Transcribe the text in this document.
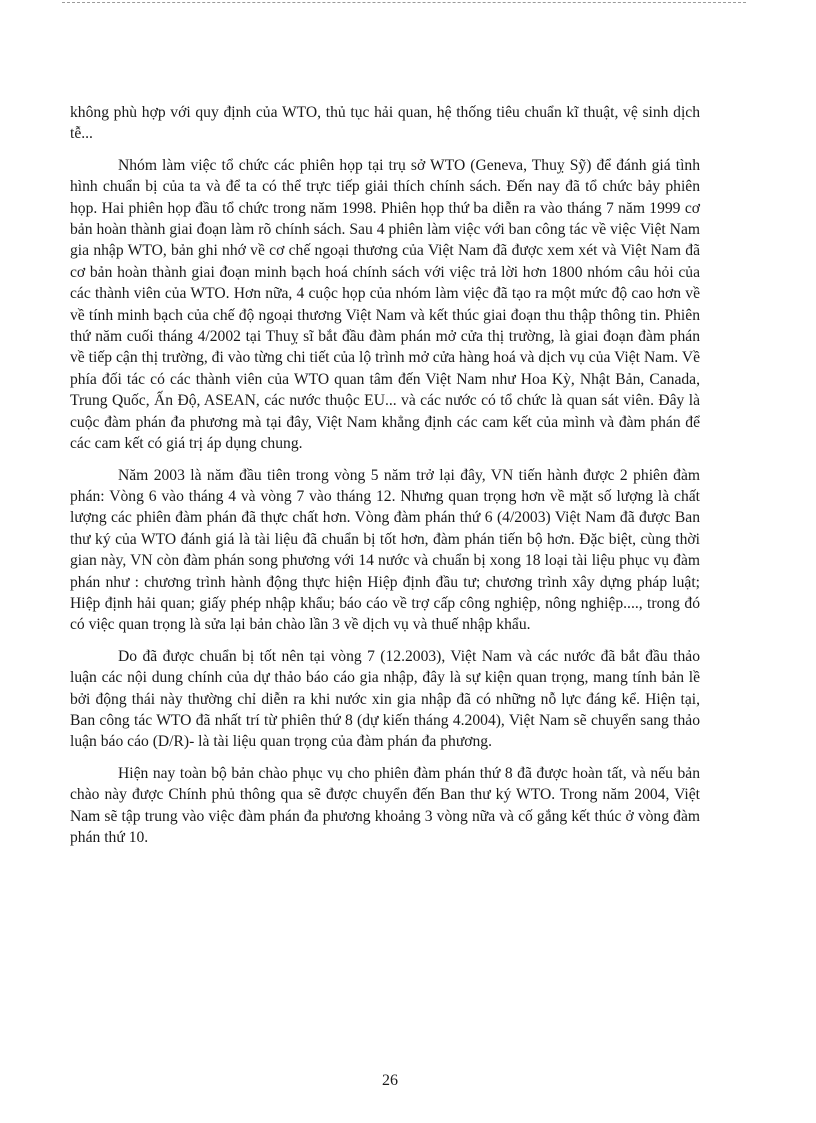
không phù hợp với quy định của WTO, thủ tục hải quan, hệ thống tiêu chuẩn kĩ thuật, vệ sinh dịch tễ...

Nhóm làm việc tổ chức các phiên họp tại trụ sở WTO (Geneva, Thuỵ Sỹ) để đánh giá tình hình chuẩn bị của ta và để ta có thể trực tiếp giải thích chính sách. Đến nay đã tổ chức bảy phiên họp. Hai phiên họp đầu tổ chức trong năm 1998. Phiên họp thứ ba diễn ra vào tháng 7 năm 1999 cơ bản hoàn thành giai đoạn làm rõ chính sách. Sau 4 phiên làm việc với ban công tác về việc Việt Nam gia nhập WTO, bản ghi nhớ về cơ chế ngoại thương của Việt Nam đã được xem xét và Việt Nam đã cơ bản hoàn thành giai đoạn minh bạch hoá chính sách với việc trả lời hơn 1800 nhóm câu hỏi của các thành viên của WTO. Hơn nữa, 4 cuộc họp của nhóm làm việc đã tạo ra một mức độ cao hơn về về tính minh bạch của chế độ ngoại thương Việt Nam và kết thúc giai đoạn thu thập thông tin. Phiên thứ năm cuối tháng 4/2002 tại Thuỵ sĩ bắt đầu đàm phán mở cửa thị trường, là giai đoạn đàm phán về tiếp cận thị trường, đi vào từng chi tiết của lộ trình mở cửa hàng hoá và dịch vụ của Việt Nam. Về phía đối tác có các thành viên của WTO quan tâm đến Việt Nam như Hoa Kỳ, Nhật Bản, Canada, Trung Quốc, Ấn Độ, ASEAN, các nước thuộc EU... và các nước có tổ chức là quan sát viên. Đây là cuộc đàm phán đa phương mà tại đây, Việt Nam khẳng định các cam kết của mình và đàm phán để các cam kết có giá trị áp dụng chung.

Năm 2003 là năm đầu tiên trong vòng 5 năm trở lại đây, VN tiến hành được 2 phiên đàm phán: Vòng 6 vào tháng 4 và vòng 7 vào tháng 12. Nhưng quan trọng hơn về mặt số lượng là chất lượng các phiên đàm phán đã thực chất hơn. Vòng đàm phán thứ 6 (4/2003) Việt Nam đã được Ban thư ký của WTO đánh giá là tài liệu đã chuẩn bị tốt hơn, đàm phán tiến bộ hơn. Đặc biệt, cùng thời gian này, VN còn đàm phán song phương với 14 nước và chuẩn bị xong 18 loại tài liệu phục vụ đàm phán như : chương trình hành động thực hiện Hiệp định đầu tư; chương trình xây dựng pháp luật; Hiệp định hải quan; giấy phép nhập khẩu; báo cáo về trợ cấp công nghiệp, nông nghiệp...., trong đó có việc quan trọng là sửa lại bản chào lần 3 về dịch vụ và thuế nhập khẩu.

Do đã được chuẩn bị tốt nên tại vòng 7 (12.2003), Việt Nam và các nước đã bắt đầu thảo luận các nội dung chính của dự thảo báo cáo gia nhập, đây là sự kiện quan trọng, mang tính bản lề bởi động thái này thường chỉ diễn ra khi nước xin gia nhập đã có những nỗ lực đáng kể. Hiện tại, Ban công tác WTO đã nhất trí từ phiên thứ 8 (dự kiến tháng 4.2004), Việt Nam sẽ chuyển sang thảo luận báo cáo (D/R)- là tài liệu quan trọng của đàm phán đa phương.

Hiện nay toàn bộ bản chào phục vụ cho phiên đàm phán thứ 8 đã được hoàn tất, và nếu bản chào này được Chính phủ thông qua sẽ được chuyển đến Ban thư ký WTO. Trong năm 2004, Việt Nam sẽ tập trung vào việc đàm phán đa phương khoảng 3 vòng nữa và cố gắng kết thúc ở vòng đàm phán thứ 10.

26
